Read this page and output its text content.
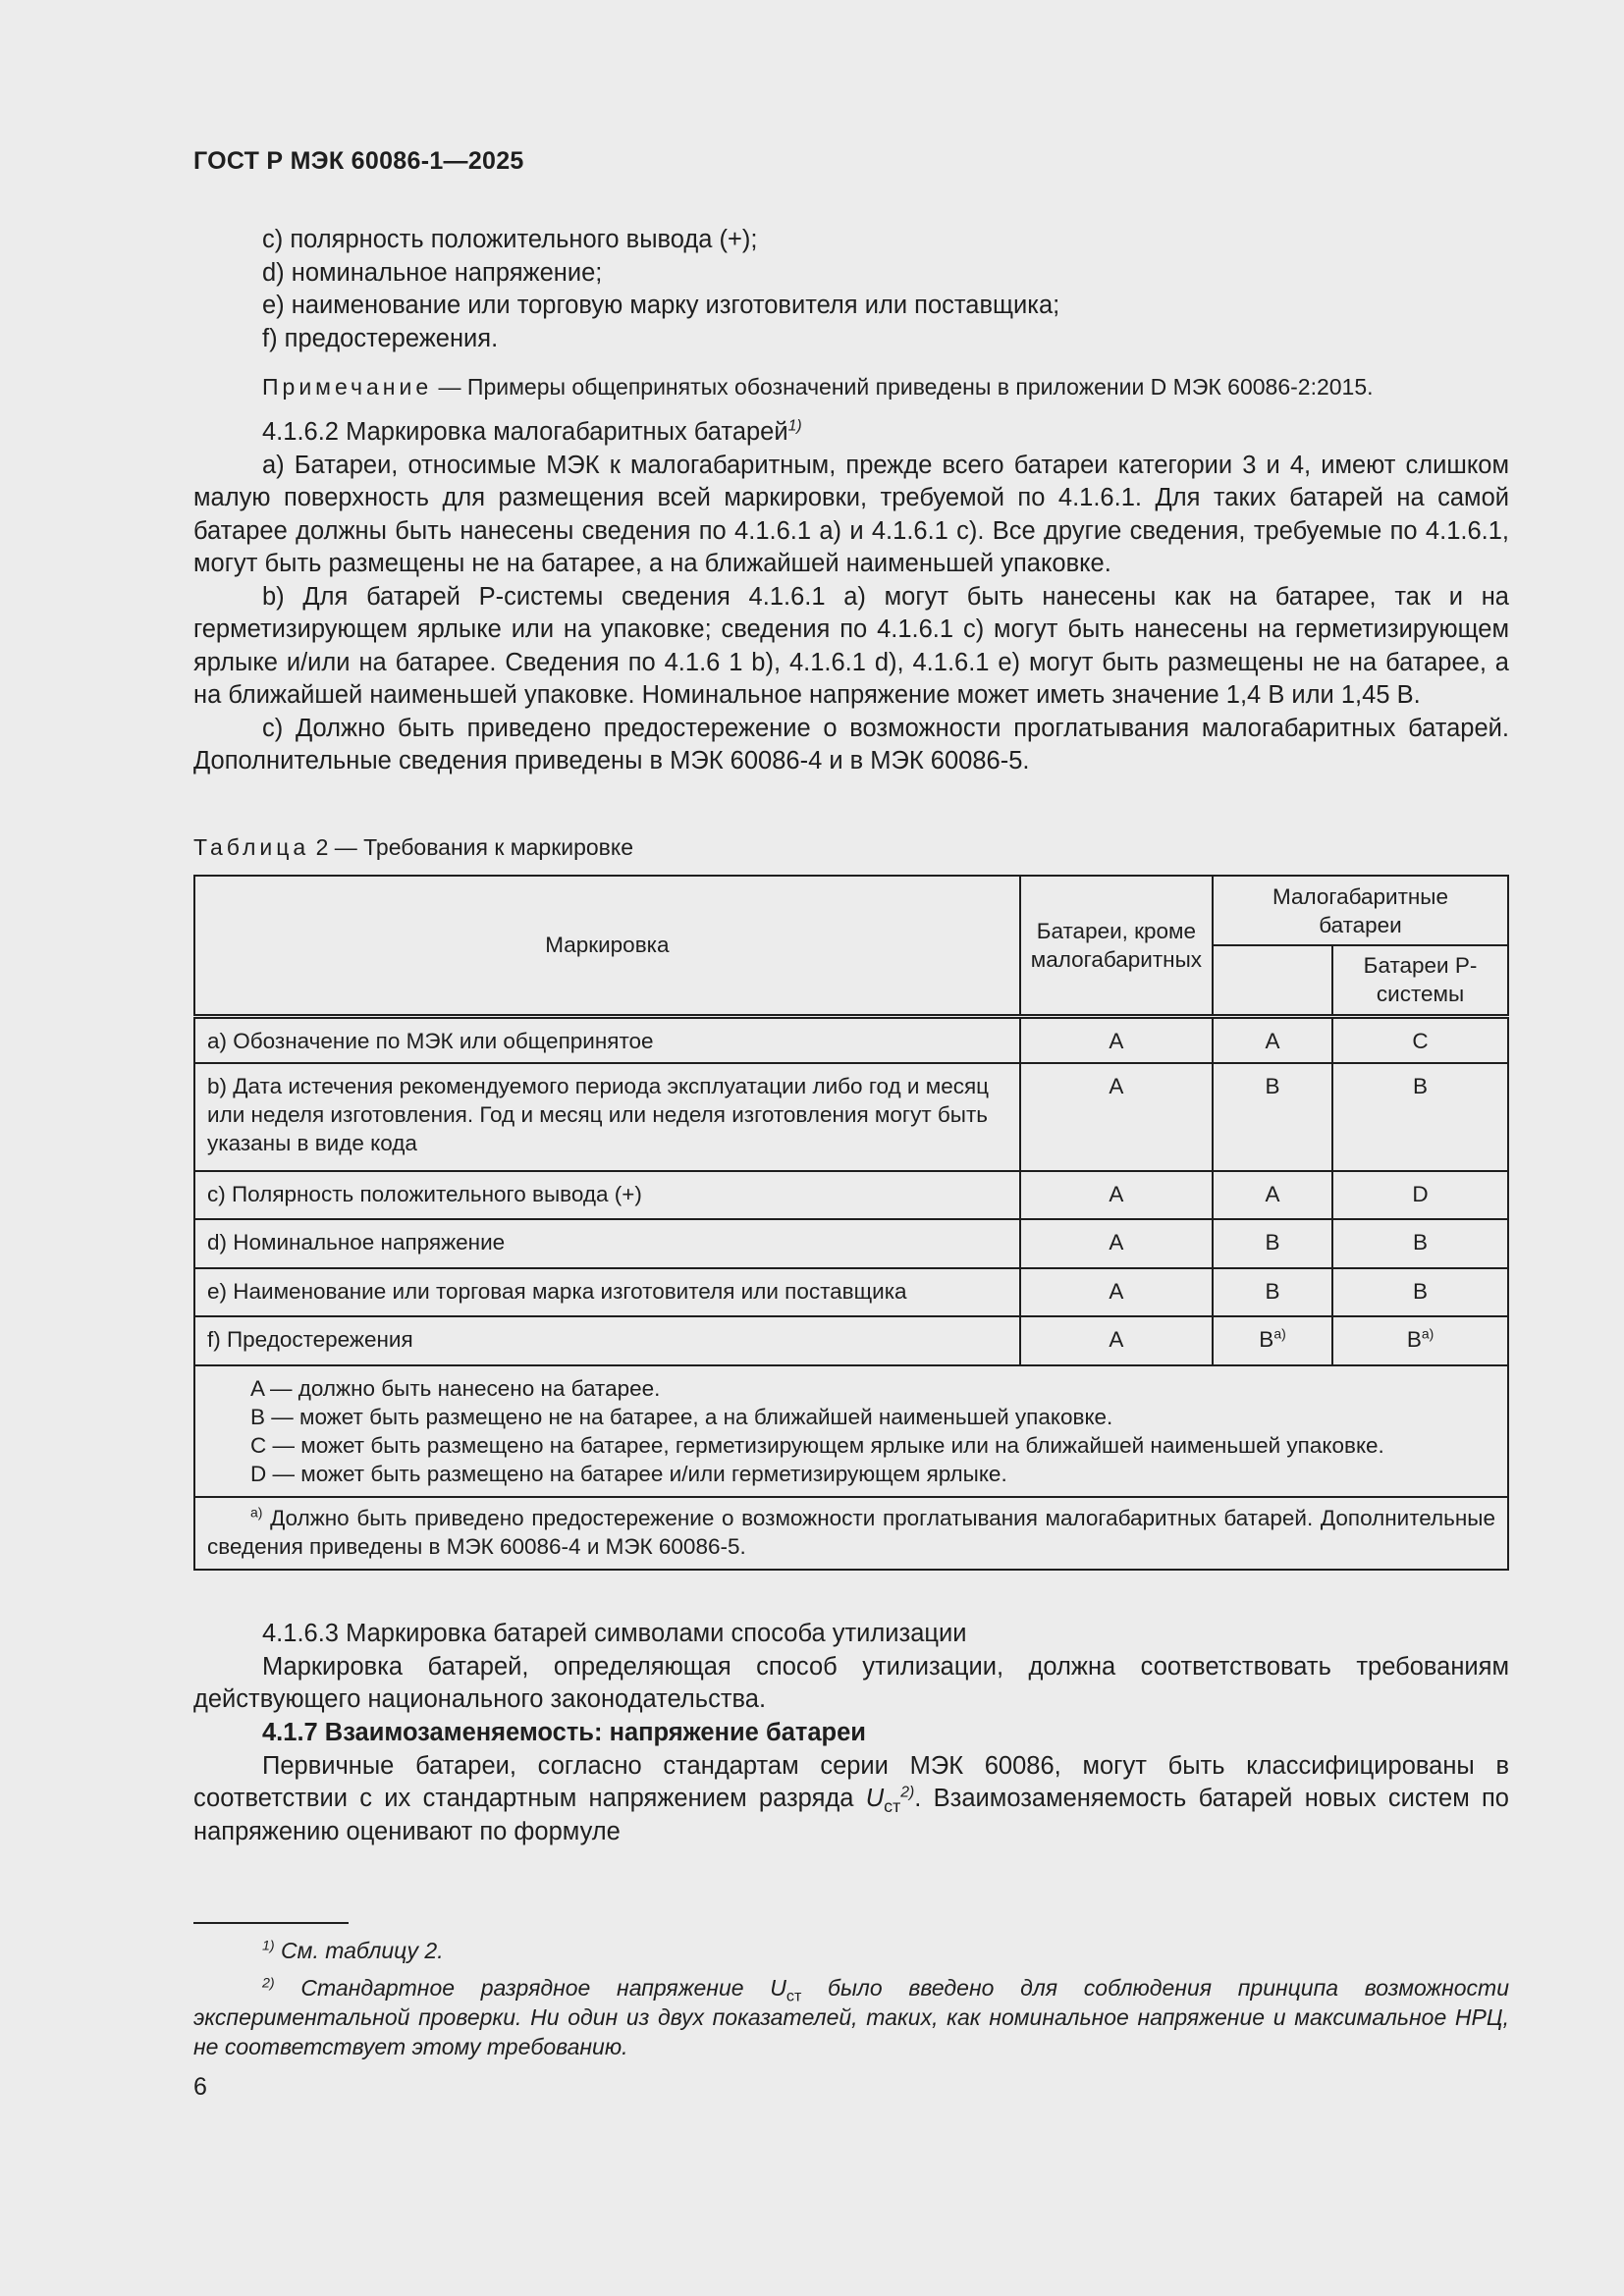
ГОСТ Р МЭК 60086-1—2025
c) полярность положительного вывода (+);
d) номинальное напряжение;
e) наименование или торговую марку изготовителя или поставщика;
f) предостережения.
Примечание — Примеры общепринятых обозначений приведены в приложении D МЭК 60086-2:2015.
4.1.6.2 Маркировка малогабаритных батарей$^{1)}$
a) Батареи, относимые МЭК к малогабаритным, прежде всего батареи категории 3 и 4, имеют слишком малую поверхность для размещения всей маркировки, требуемой по 4.1.6.1. Для таких батарей на самой батарее должны быть нанесены сведения по 4.1.6.1 a) и 4.1.6.1 c). Все другие сведения, требуемые по 4.1.6.1, могут быть размещены не на батарее, а на ближайшей наименьшей упаковке.
b) Для батарей Р-системы сведения 4.1.6.1 a) могут быть нанесены как на батарее, так и на герметизирующем ярлыке или на упаковке; сведения по 4.1.6.1 c) могут быть нанесены на герметизирующем ярлыке и/или на батарее. Сведения по 4.1.6 1 b), 4.1.6.1 d), 4.1.6.1 e) могут быть размещены не на батарее, а на ближайшей наименьшей упаковке. Номинальное напряжение может иметь значение 1,4 В или 1,45 В.
c) Должно быть приведено предостережение о возможности проглатывания малогабаритных батарей. Дополнительные сведения приведены в МЭК 60086-4 и в МЭК 60086-5.
Таблица 2 — Требования к маркировке
Маркировка	Батареи, кроме малогабаритных	Малогабаритные батареи	
			Батареи Р-системы
a) Обозначение по МЭК или общепринятое	A	A	C
b) Дата истечения рекомендуемого периода эксплуатации либо год и месяц или неделя изготовления. Год и месяц или неделя изготовления могут быть указаны в виде кода	A	B	B
c) Полярность положительного вывода (+)	A	A	D
d) Номинальное напряжение	A	B	B
e) Наименование или торговая марка изготовителя или поставщика	A	B	B
f) Предостережения	A	$B^{a)}$	$B^{a)}$

A — должно быть нанесено на батарее.
B — может быть размещено не на батарее, а на ближайшей наименьшей упаковке.
C — может быть размещено на батарее, герметизирующем ярлыке или на ближайшей наименьшей упаковке.
D — может быть размещено на батарее и/или герметизирующем ярлыке.			

$^{a)}$ Должно быть приведено предостережение о возможности проглатывания малогабаритных батарей. Дополнительные сведения приведены в МЭК 60086-4 и МЭК 60086-5.			
4.1.6.3 Маркировка батарей символами способа утилизации
Маркировка батарей, определяющая способ утилизации, должна соответствовать требованиям действующего национального законодательства.
4.1.7 Взаимозаменяемость: напряжение батареи
Первичные батареи, согласно стандартам серии МЭК 60086, могут быть классифицированы в соответствии с их стандартным напряжением разряда $U_{ст}^{2)}$. Взаимозаменяемость батарей новых систем по напряжению оценивают по формуле
$^{1)}$ См. таблицу 2.
$^{2)}$ Стандартное разрядное напряжение $U_{ст}$ было введено для соблюдения принципа возможности экспериментальной проверки. Ни один из двух показателей, таких, как номинальное напряжение и максимальное НРЦ, не соответствует этому требованию.
6
